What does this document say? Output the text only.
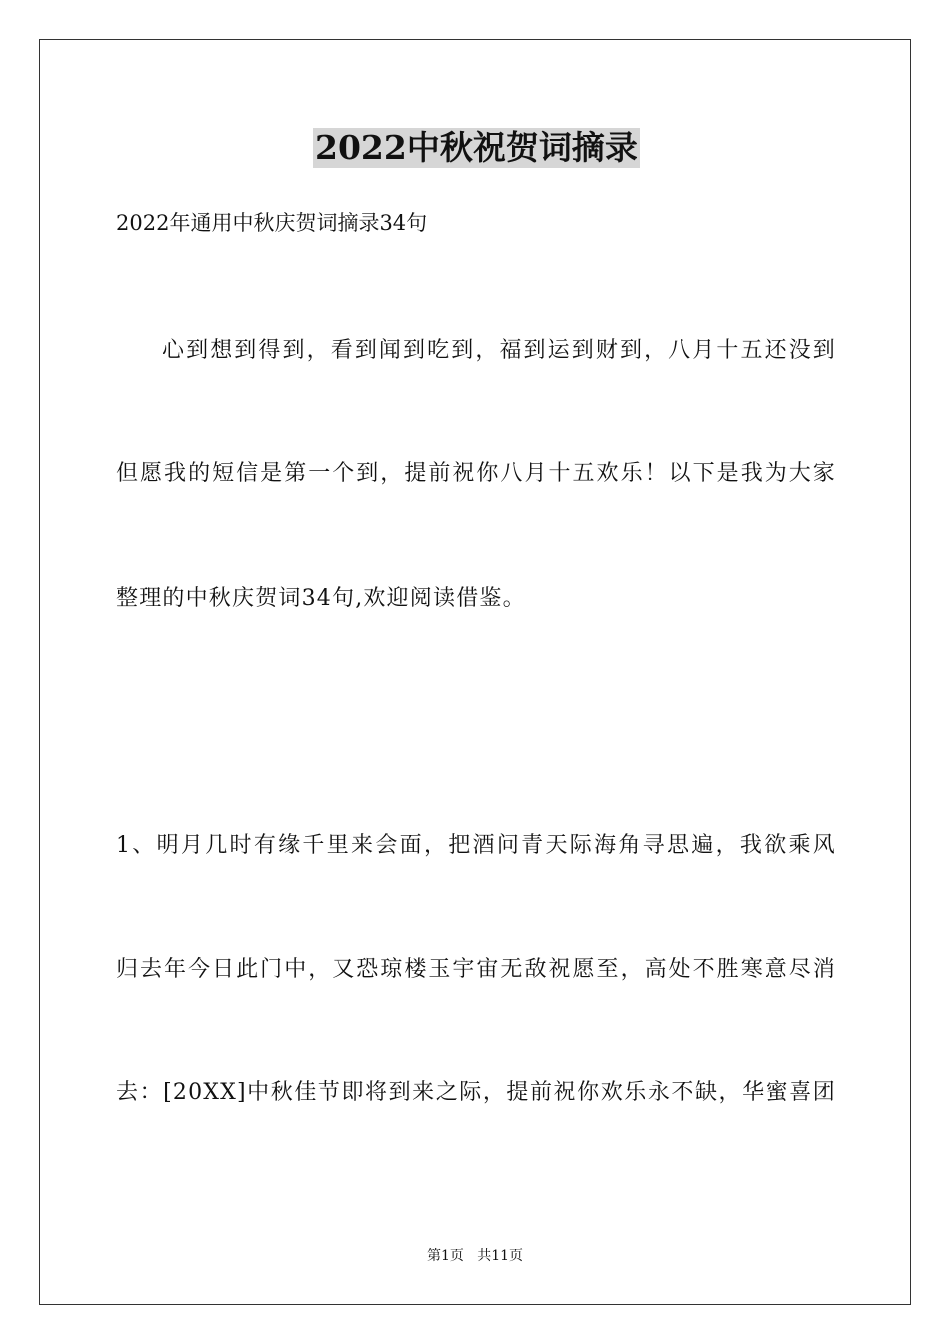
2022中秋祝贺词摘录
2022年通用中秋庆贺词摘录34句
心到想到得到，看到闻到吃到，福到运到财到，八月十五还没到
但愿我的短信是第一个到，提前祝你八月十五欢乐！以下是我为大家
整理的中秋庆贺词34句,欢迎阅读借鉴。
1、明月几时有缘千里来会面，把酒问青天际海角寻思遍，我欲乘风
归去年今日此门中，又恐琼楼玉宇宙无敌祝愿至，高处不胜寒意尽消
去：[20XX]中秋佳节即将到来之际，提前祝你欢乐永不缺，华蜜喜团
第1页   共11页
